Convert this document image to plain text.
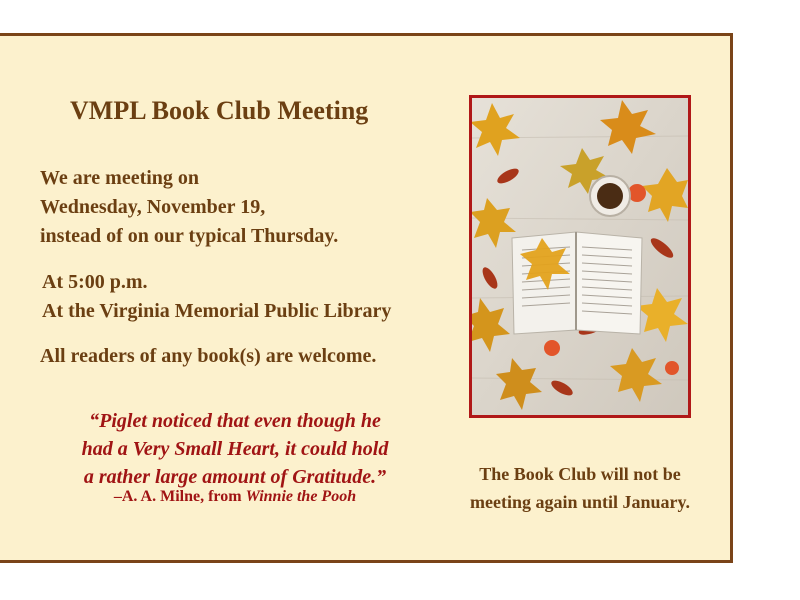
VMPL Book Club Meeting
We are meeting on
Wednesday, November 19,
instead of on our typical Thursday.
At 5:00 p.m.
At the Virginia Memorial Public Library
All readers of any book(s) are welcome.
“Piglet noticed that even though he
had a Very Small Heart, it could hold
a rather large amount of Gratitude.”
–A. A. Milne, from Winnie the Pooh
The Book Club will not be
meeting again until January.
